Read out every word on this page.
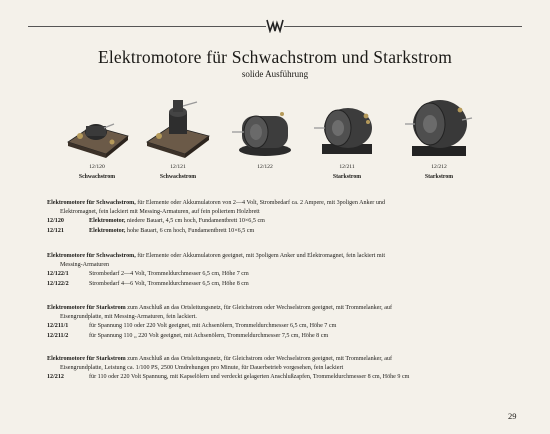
Elektromotore für Schwachstrom und Starkstrom
solide Ausführung
12/120
Schwachstrom
12/121
Schwachstrom
12/122	12/211
Starkstrom
12/212
Starkstrom

Elektromotore für Schwachstrom, für Elemente oder Akkumulatoren von 2—4 Volt, Strombedarf ca. 2 Ampere, mit 3poligen Anker und
Elektromagnet, fein lackiert mit Messing-Armaturen, auf fein poliertem Holzbrett

12/120	Elektromotor, niedere Bauart, 4,5 cm hoch, Fundamentbrett 10×6,5 cm
12/121	Elektromotor, hohe Bauart, 6 cm hoch, Fundamentbrett 10×6,5 cm

Elektromotore für Schwachstrom, für Elemente oder Akkumulatoren geeignet, mit 3poligem Anker und Elektromagnet, fein lackiert mit
Messing-Armaturen

12/122/1	Strombedarf 2—4 Volt, Trommeldurchmesser 6,5 cm, Höhe 7 cm
12/122/2	Strombedarf 4—6 Volt, Trommeldurchmesser 6,5 cm, Höhe 8 cm

Elektromotore für Starkstrom zum Anschluß an das Ortsleitungsnetz, für Gleichstrom oder Wechselstrom geeignet, mit Trommelanker, auf
Eisengrundplatte, mit Messing-Armaturen, fein lackiert.

12/211/1	für Spannung 110 oder 220 Volt geeignet, mit Achsenölern, Trommeldurchmesser 6,5 cm, Höhe 7 cm
12/211/2	für Spannung 110 „ 220 Volt geeignet, mit Achsenölern, Trommeldurchmesser 7,5 cm, Höhe 8 cm

Elektromotore für Starkstrom zum Anschluß an das Ortsleitungsnetz, für Gleichstrom oder Wechselstrom geeignet, mit Trommelanker, auf
Eisengrundplatte, Leistung ca. 1/100 PS, 2500 Umdrehungen pro Minute, für Dauerbetrieb vorgesehen, fein lackiert

12/212	für 110 oder 220 Volt Spannung, mit Kapselölern und verdeckt gelagerten Anschlußzapfen, Trommeldurchmesser 8 cm, Höhe 9 cm
29
